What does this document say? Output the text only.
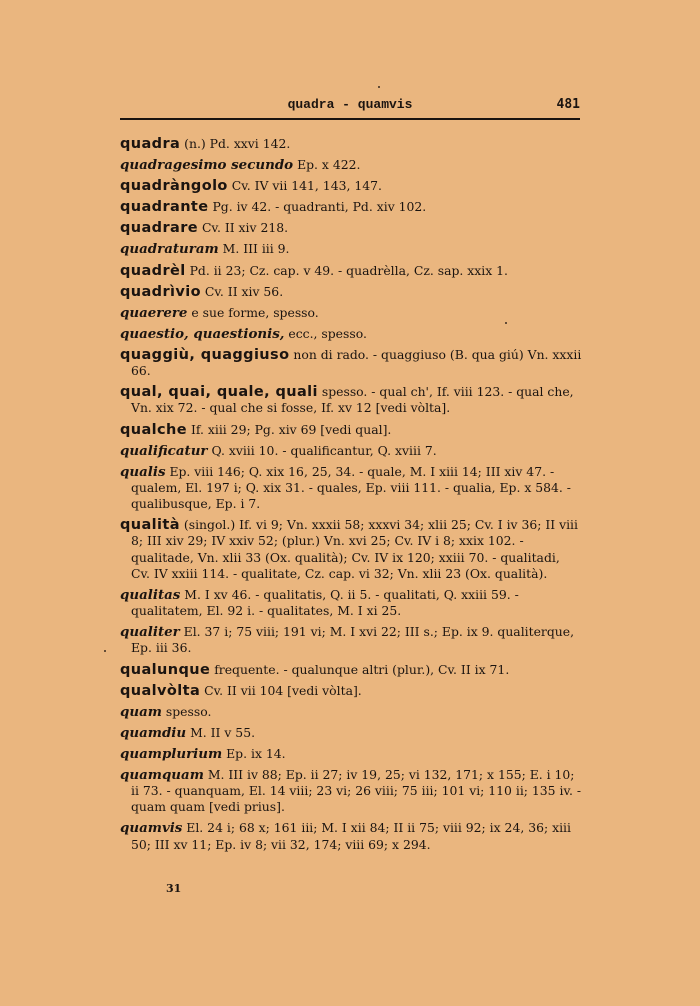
quadra - quamvis	481
quadra (n.) Pd. xxvi 142.
quadragesimo secundo Ep. x 422.
quadràngolo Cv. IV vii 141, 143, 147.
quadrante Pg. iv 42. - quadranti, Pd. xiv 102.
quadrare Cv. II xiv 218.
quadraturam M. III iii 9.
quadrèl Pd. ii 23; Cz. cap. v 49. - quadrèlla, Cz. sap. xxix 1.
quadrìvio Cv. II xiv 56.
quaerere e sue forme, spesso.
quaestio, quaestionis, ecc., spesso.
quaggiù, quaggiuso non di rado. - quaggiuso (B. qua giú) Vn. xxxii 66.
qual, quai, quale, quali spesso. - qual ch', If. viii 123. - qual che, Vn. xix 72. - qual che si fosse, If. xv 12 [vedi vòlta].
qualche If. xiii 29; Pg. xiv 69 [vedi qual].
qualificatur Q. xviii 10. - qualificantur, Q. xviii 7.
qualis Ep. viii 146; Q. xix 16, 25, 34. - quale, M. I xiii 14; III xiv 47. - qualem, El. 197 i; Q. xix 31. - quales, Ep. viii 111. - qualia, Ep. x 584. - qualibusque, Ep. i 7.
qualità (singol.) If. vi 9; Vn. xxxii 58; xxxvi 34; xlii 25; Cv. I iv 36; II viii 8; III xiv 29; IV xxiv 52; (plur.) Vn. xvi 25; Cv. IV i 8; xxix 102. - qualitade, Vn. xlii 33 (Ox. qualità); Cv. IV ix 120; xxiii 70. - qualitadi, Cv. IV xxiii 114. - qualitate, Cz. cap. vi 32; Vn. xlii 23 (Ox. qualità).
qualitas M. I xv 46. - qualitatis, Q. ii 5. - qualitati, Q. xxiii 59. - qualitatem, El. 92 i. - qualitates, M. I xi 25.
qualiter El. 37 i; 75 viii; 191 vi; M. I xvi 22; III s.; Ep. ix 9. qualiterque, Ep. iii 36.
qualunque frequente. - qualunque altri (plur.), Cv. II ix 71.
qualvòlta Cv. II vii 104 [vedi vòlta].
quam spesso.
quamdiu M. II v 55.
quamplurium Ep. ix 14.
quamquam M. III iv 88; Ep. ii 27; iv 19, 25; vi 132, 171; x 155; E. i 10; ii 73. - quanquam, El. 14 viii; 23 vi; 26 viii; 75 iii; 101 vi; 110 ii; 135 iv. - quam quam [vedi prius].
quamvis El. 24 i; 68 x; 161 iii; M. I xii 84; II ii 75; viii 92; ix 24, 36; xiii 50; III xv 11; Ep. iv 8; vii 32, 174; viii 69; x 294.
31
